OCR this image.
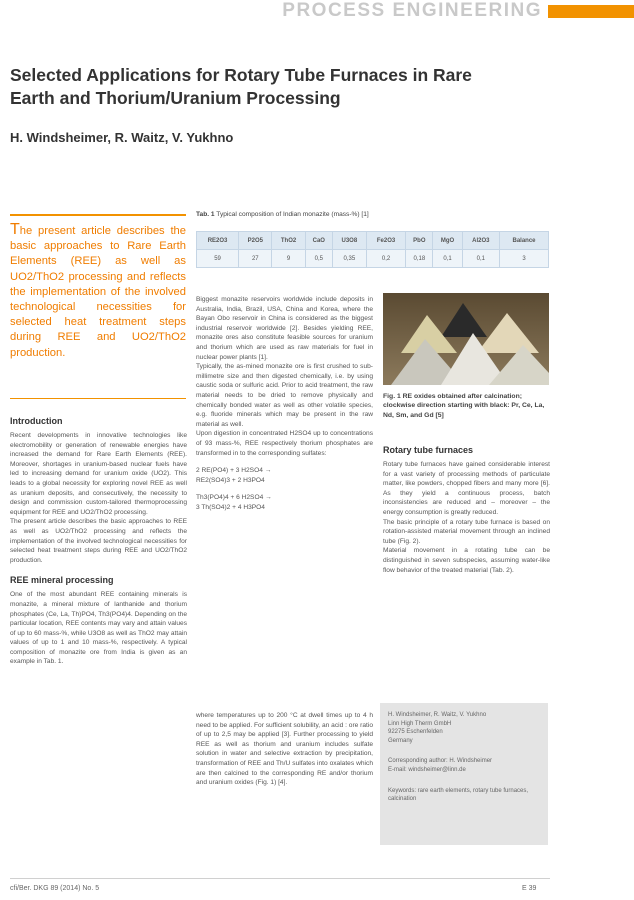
PROCESS ENGINEERING
Selected Applications for Rotary Tube Furnaces in Rare Earth and Thorium/Uranium Processing
H. Windsheimer, R. Waitz, V. Yukhno
The present article describes the basic approaches to Rare Earth Elements (REE) as well as UO2/ThO2 processing and reflects the implementation of the involved technological necessities for selected heat treatment steps during REE and UO2/ThO2 production.
Introduction
Recent developments in innovative technologies like electromobility or generation of renewable energies have increased the demand for Rare Earth Elements (REE). Moreover, shortages in uranium-based nuclear fuels have led to increasing demand for uranium oxide (UO2). This leads to a global necessity for exploring novel REE as well as uranium deposits, and consecutively, the necessity to design and commission custom-tailored thermoprocessing equipment for REE and UO2/ThO2 processing.
The present article describes the basic approaches to REE as well as UO2/ThO2 processing and reflects the implementation of the involved technological necessities for selected heat treatment steps during REE and UO2/ThO2 production.
REE mineral processing
One of the most abundant REE containing minerals is monazite, a mineral mixture of lanthanide and thorium phosphates (Ce, La, Th)PO4, Th3(PO4)4. Depending on the particular location, REE contents may vary and attain values of up to 60 mass-%, while U3O8 as well as ThO2 may attain values of up to 1 and 10 mass-%, respectively. A typical composition of monazite ore from India is given as an example in Tab. 1.
Tab. 1 Typical composition of Indian monazite (mass-%) [1]
RE2O3	P2O5	ThO2	CaO	U3O8	Fe2O3	PbO	MgO	Al2O3	Balance
59	27	9	0,5	0,35	0,2	0,18	0,1	0,1	3
Biggest monazite reservoirs worldwide include deposits in Australia, India, Brazil, USA, China and Korea, where the Bayan Obo reservoir in China is considered as the biggest industrial reservoir worldwide [2]. Besides yielding REE, monazite ores also constitute feasible sources for uranium and thorium which are used as raw materials for fuel in nuclear power plants [1].
Typically, the as-mined monazite ore is first crushed to sub-millimetre size and then digested chemically, i.e. by using caustic soda or sulfuric acid. Prior to acid treatment, the raw material needs to be dried to remove physically and chemically bonded water as well as other volatile species, e.g. fluoride minerals which may be present in the raw material as well.
Upon digestion in concentrated H2SO4 up to concentrations of 93 mass-%, REE respectively thorium phosphates are transformed in to the corresponding sulfates:
2 RE(PO4) + 3 H2SO4 →
RE2(SO4)3 + 2 H3PO4
Th3(PO4)4 + 6 H2SO4 →
3 Th(SO4)2 + 4 H3PO4
where temperatures up to 200 °C at dwell times up to 4 h need to be applied. For sufficient solubility, an acid : ore ratio of up to 2,5 may be applied [3]. Further processing to yield REE as well as thorium and uranium includes sulfate solution in water and selective extraction by precipitation, transformation of REE and Th/U sulfates into oxalates which are then calcined to the corresponding RE and/or thorium and uranium oxides (Fig. 1) [4].
Fig. 1 RE oxides obtained after calcination; clockwise direction starting with black: Pr, Ce, La, Nd, Sm, and Gd [5]
Rotary tube furnaces
Rotary tube furnaces have gained considerable interest for a vast variety of processing methods of particulate matter, like powders, chopped fibers and many more [6]. As they yield a continuous process, batch inconsistencies are reduced and – moreover – the energy consumption is greatly reduced.
The basic principle of a rotary tube furnace is based on rotation-assisted material movement through an inclined tube (Fig. 2).
Material movement in a rotating tube can be distinguished in seven subspecies, assuming water-like flow behavior of the treated material (Tab. 2).
H. Windsheimer, R. Waitz, V. Yukhno
Linn High Therm GmbH
92275 Eschenfelden
Germany
Corresponding author: H. Windsheimer
E-mail: windsheimer@linn.de
Keywords: rare earth elements, rotary tube furnaces, calcination
cfi/Ber. DKG 89 (2014) No. 5	E 39
